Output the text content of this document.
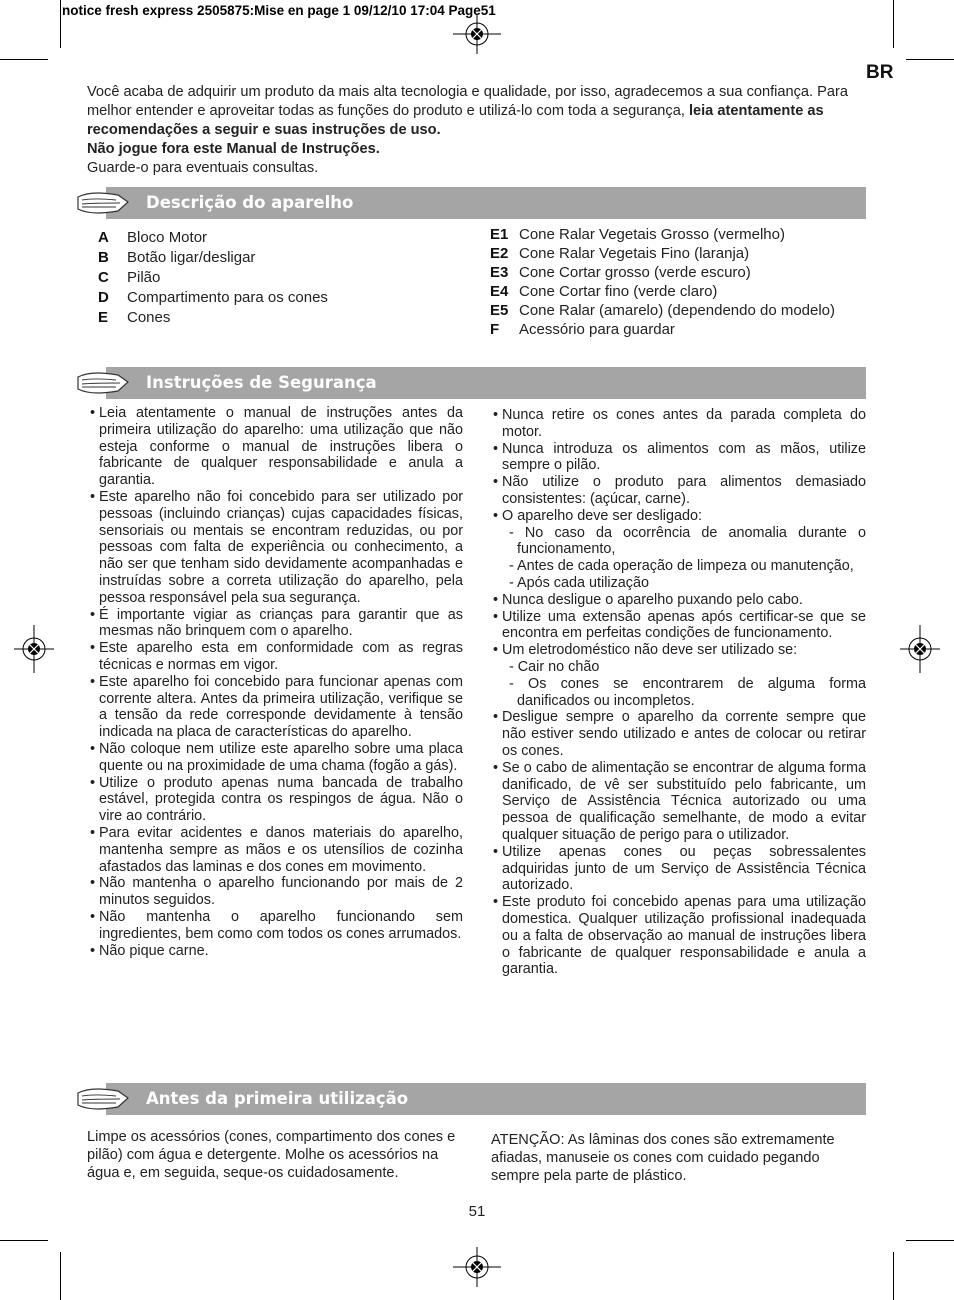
notice fresh express 2505875:Mise en page 1 09/12/10 17:04 Page51
BR

Você acaba de adquirir um produto da mais alta tecnologia e qualidade, por isso, agradecemos a sua confiança. Para melhor entender e aproveitar todas as funções do produto e utilizá-lo com toda a segurança, leia atentamente as recomendações a seguir e suas instruções de uso.

Não jogue fora este Manual de Instruções.

Guarde-o para eventuais consultas.

Descrição do aparelho
A	Bloco Motor
B	Botão ligar/desligar
C	Pilão
D	Compartimento para os cones
E	Cones
E1 Cone Ralar Vegetais Grosso (vermelho)
E2 Cone Ralar Vegetais Fino (laranja)
E3 Cone Cortar grosso (verde escuro)
E4 Cone Cortar fino (verde claro)
E5 Cone Ralar (amarelo) (dependendo do modelo)
F	Acessório para guardar
Instruções de Segurança
• Leia atentamente o manual de instruções antes da primeira utilização do aparelho: uma utilização que não esteja conforme o manual de instruções libera o fabricante de qualquer responsabilidade e anula a garantia.
• Este aparelho não foi concebido para ser utilizado por pessoas (incluindo crianças) cujas capacidades físicas, sensoriais ou mentais se encontram reduzidas, ou por pessoas com falta de experiência ou conhecimento, a não ser que tenham sido devidamente acompanhadas e instruídas sobre a correta utilização do aparelho, pela pessoa responsável pela sua segurança.
• É importante vigiar as crianças para garantir que as mesmas não brinquem com o aparelho.
• Este aparelho esta em conformidade com as regras técnicas e normas em vigor.
• Este aparelho foi concebido para funcionar apenas com corrente altera. Antes da primeira utilização, verifique se a tensão da rede corresponde devidamente à tensão indicada na placa de características do aparelho.
• Não coloque nem utilize este aparelho sobre uma placa quente ou na proximidade de uma chama (fogão a gás).
• Utilize o produto apenas numa bancada de trabalho estável, protegida contra os respingos de água. Não o vire ao contrário.
• Para evitar acidentes e danos materiais do aparelho, mantenha sempre as mãos e os utensílios de cozinha afastados das laminas e dos cones em movimento.
• Não mantenha o aparelho funcionando por mais de 2 minutos seguidos.
• Não mantenha o aparelho funcionando sem ingredientes, bem como com todos os cones arrumados.
• Não pique carne.
• Nunca retire os cones antes da parada completa do motor.
• Nunca introduza os alimentos com as mãos, utilize sempre o pilão.
• Não utilize o produto para alimentos demasiado consistentes: (açúcar, carne).
• O aparelho deve ser desligado:
- No caso da ocorrência de anomalia durante o funcionamento,
- Antes de cada operação de limpeza ou manutenção,
- Após cada utilização
• Nunca desligue o aparelho puxando pelo cabo.
• Utilize uma extensão apenas após certificar-se que se encontra em perfeitas condições de funcionamento.
• Um eletrodoméstico não deve ser utilizado se:
- Cair no chão
- Os cones se encontrarem de alguma forma danificados ou incompletos.
• Desligue sempre o aparelho da corrente sempre que não estiver sendo utilizado e antes de colocar ou retirar os cones.
• Se o cabo de alimentação se encontrar de alguma forma danificado, de vê ser substituído pelo fabricante, um Serviço de Assistência Técnica autorizado ou uma pessoa de qualificação semelhante, de modo a evitar qualquer situação de perigo para o utilizador.
• Utilize apenas cones ou peças sobressalentes adquiridas junto de um Serviço de Assistência Técnica autorizado.
• Este produto foi concebido apenas para uma utilização domestica. Qualquer utilização profissional inadequada ou a falta de observação ao manual de instruções libera o fabricante de qualquer responsabilidade e anula a garantia.
Antes da primeira utilização
Limpe os acessórios (cones, compartimento dos cones e pilão) com água e detergente. Molhe os acessórios na água e, em seguida, seque-os cuidadosamente.
ATENÇÃO: As lâminas dos cones são extremamente afiadas, manuseie os cones com cuidado pegando sempre pela parte de plástico.
51
